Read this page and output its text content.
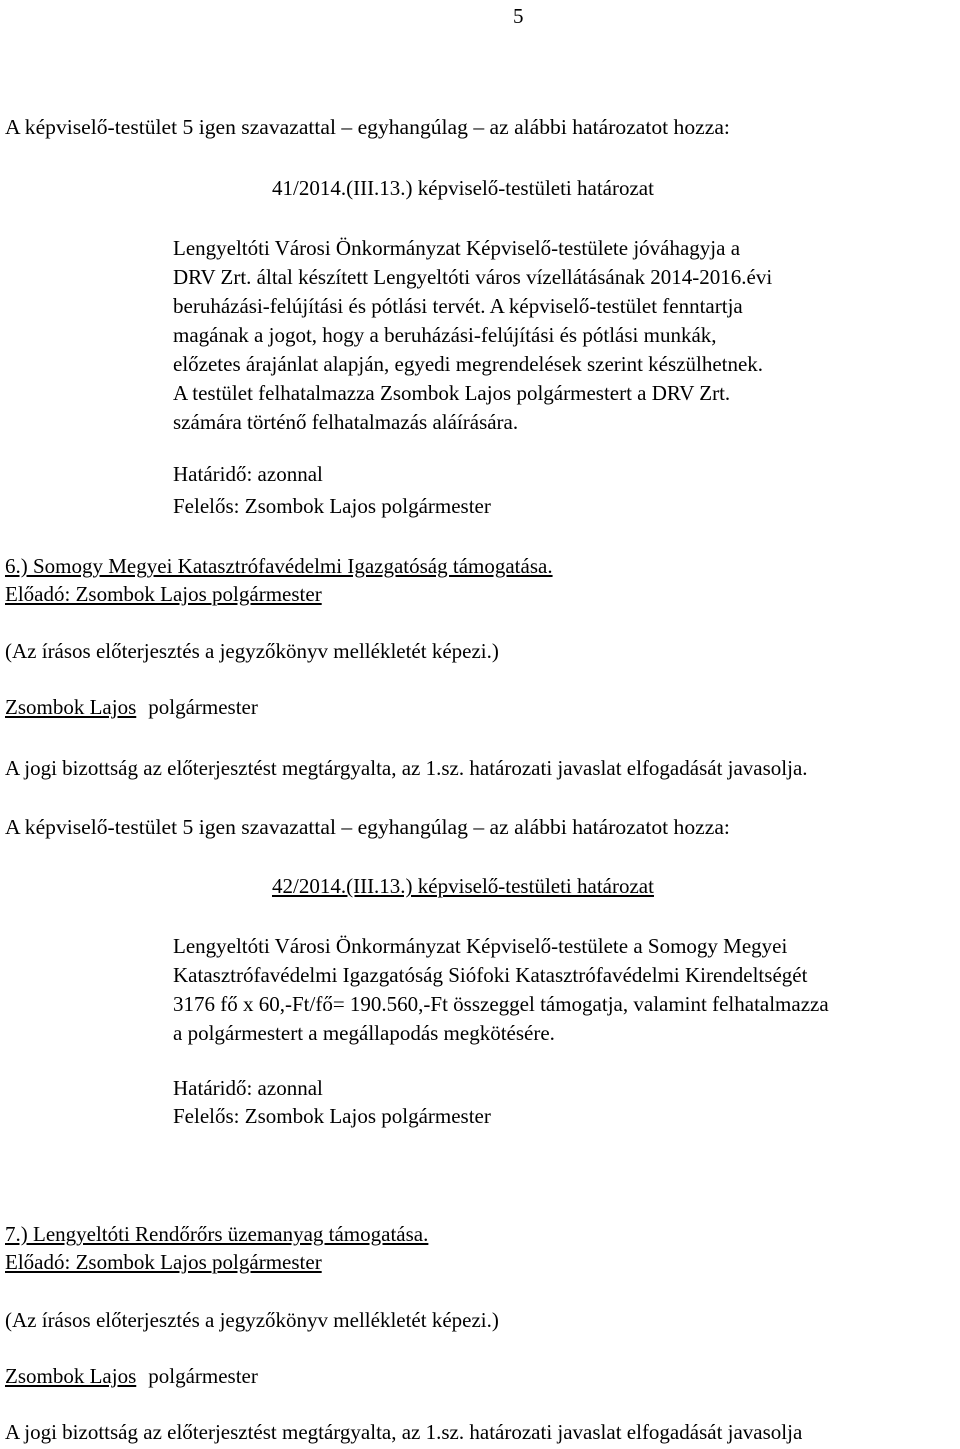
5
A képviselő-testület 5 igen szavazattal – egyhangúlag – az alábbi határozatot hozza:
41/2014.(III.13.) képviselő-testületi határozat
Lengyeltóti Városi Önkormányzat Képviselő-testülete jóváhagyja a
DRV Zrt. által készített Lengyeltóti város vízellátásának 2014-2016.évi
beruházási-felújítási és pótlási tervét. A képviselő-testület fenntartja
magának a jogot, hogy a beruházási-felújítási és pótlási munkák,
előzetes árajánlat alapján, egyedi megrendelések szerint készülhetnek.
A testület felhatalmazza Zsombok Lajos polgármestert a DRV Zrt.
számára történő felhatalmazás aláírására.
Határidő: azonnal
Felelős: Zsombok Lajos polgármester
6.) Somogy Megyei Katasztrófavédelmi Igazgatóság támogatása.
Előadó: Zsombok Lajos polgármester
(Az írásos előterjesztés a jegyzőkönyv mellékletét képezi.)
Zsombok Lajos polgármester
A jogi bizottság az előterjesztést megtárgyalta, az 1.sz. határozati javaslat elfogadását javasolja.
A képviselő-testület 5 igen szavazattal – egyhangúlag – az alábbi határozatot hozza:
42/2014.(III.13.) képviselő-testületi határozat
Lengyeltóti Városi Önkormányzat Képviselő-testülete a Somogy Megyei
Katasztrófavédelmi Igazgatóság Siófoki Katasztrófavédelmi Kirendeltségét
3176 fő x 60,-Ft/fő= 190.560,-Ft összeggel támogatja, valamint felhatalmazza
a polgármestert a megállapodás megkötésére.
Határidő: azonnal
Felelős: Zsombok Lajos polgármester
7.) Lengyeltóti Rendőrőrs üzemanyag támogatása.
Előadó: Zsombok Lajos polgármester
(Az írásos előterjesztés a jegyzőkönyv mellékletét képezi.)
Zsombok Lajos polgármester
A jogi bizottság az előterjesztést megtárgyalta, az 1.sz. határozati javaslat elfogadását javasolja
